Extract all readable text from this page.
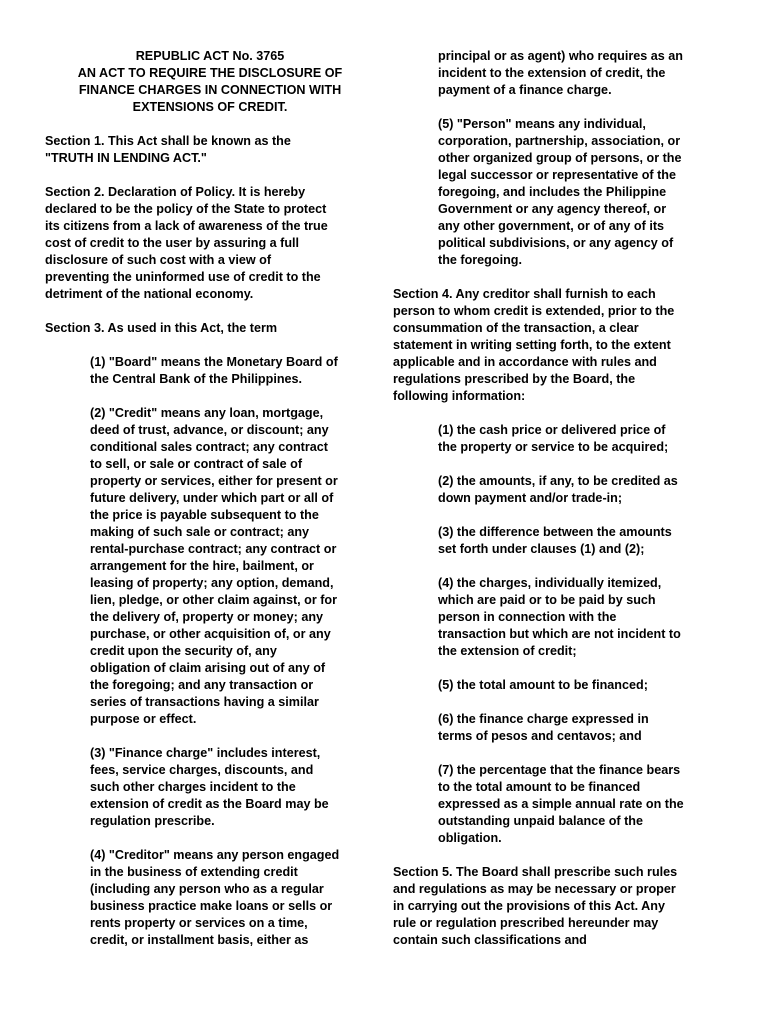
REPUBLIC ACT No. 3765
AN ACT TO REQUIRE THE DISCLOSURE OF
FINANCE CHARGES IN CONNECTION WITH
EXTENSIONS OF CREDIT.

Section 1. This Act shall be known as the
"TRUTH IN LENDING ACT."

Section 2. Declaration of Policy. It is hereby
declared to be the policy of the State to protect
its citizens from a lack of awareness of the true
cost of credit to the user by assuring a full
disclosure of such cost with a view of
preventing the uninformed use of credit to the
detriment of the national economy.

Section 3. As used in this Act, the term

(1) "Board" means the Monetary Board of
the Central Bank of the Philippines.

(2) "Credit" means any loan, mortgage,
deed of trust, advance, or discount; any
conditional sales contract; any contract
to sell, or sale or contract of sale of
property or services, either for present or
future delivery, under which part or all of
the price is payable subsequent to the
making of such sale or contract; any
rental-purchase contract; any contract or
arrangement for the hire, bailment, or
leasing of property; any option, demand,
lien, pledge, or other claim against, or for
the delivery of, property or money; any
purchase, or other acquisition of, or any
credit upon the security of, any
obligation of claim arising out of any of
the foregoing; and any transaction or
series of transactions having a similar
purpose or effect.

(3) "Finance charge" includes interest,
fees, service charges, discounts, and
such other charges incident to the
extension of credit as the Board may be
regulation prescribe.

(4) "Creditor" means any person engaged
in the business of extending credit
(including any person who as a regular
business practice make loans or sells or
rents property or services on a time,
credit, or installment basis, either as

principal or as agent) who requires as an
incident to the extension of credit, the
payment of a finance charge.

(5) "Person" means any individual,
corporation, partnership, association, or
other organized group of persons, or the
legal successor or representative of the
foregoing, and includes the Philippine
Government or any agency thereof, or
any other government, or of any of its
political subdivisions, or any agency of
the foregoing.

Section 4. Any creditor shall furnish to each
person to whom credit is extended, prior to the
consummation of the transaction, a clear
statement in writing setting forth, to the extent
applicable and in accordance with rules and
regulations prescribed by the Board, the
following information:

(1) the cash price or delivered price of
the property or service to be acquired;

(2) the amounts, if any, to be credited as
down payment and/or trade-in;

(3) the difference between the amounts
set forth under clauses (1) and (2);

(4) the charges, individually itemized,
which are paid or to be paid by such
person in connection with the
transaction but which are not incident to
the extension of credit;

(5) the total amount to be financed;

(6) the finance charge expressed in
terms of pesos and centavos; and

(7) the percentage that the finance bears
to the total amount to be financed
expressed as a simple annual rate on the
outstanding unpaid balance of the
obligation.

Section 5. The Board shall prescribe such rules
and regulations as may be necessary or proper
in carrying out the provisions of this Act. Any
rule or regulation prescribed hereunder may
contain such classifications and
